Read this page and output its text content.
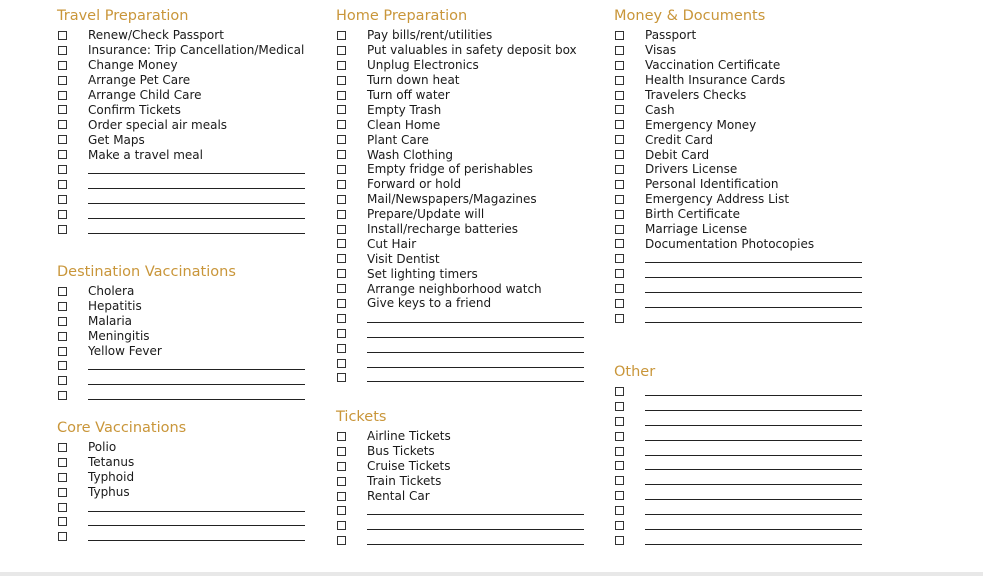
Travel Preparation
Renew/Check Passport
Insurance: Trip Cancellation/Medical
Change Money
Arrange Pet Care
Arrange Child Care
Confirm Tickets
Order special air meals
Get Maps
Make a travel meal
Destination Vaccinations
Cholera
Hepatitis
Malaria
Meningitis
Yellow Fever
Core Vaccinations
Polio
Tetanus
Typhoid
Typhus
Home Preparation
Pay bills/rent/utilities
Put valuables in safety deposit box
Unplug Electronics
Turn down heat
Turn off water
Empty Trash
Clean Home
Plant Care
Wash Clothing
Empty fridge of perishables
Forward or hold
Mail/Newspapers/Magazines
Prepare/Update will
Install/recharge batteries
Cut Hair
Visit Dentist
Set lighting timers
Arrange neighborhood watch
Give keys to a friend
Tickets
Airline Tickets
Bus Tickets
Cruise Tickets
Train Tickets
Rental Car
Money & Documents
Passport
Visas
Vaccination Certificate
Health Insurance Cards
Travelers Checks
Cash
Emergency Money
Credit Card
Debit Card
Drivers License
Personal Identification
Emergency Address List
Birth Certificate
Marriage License
Documentation Photocopies
Other
